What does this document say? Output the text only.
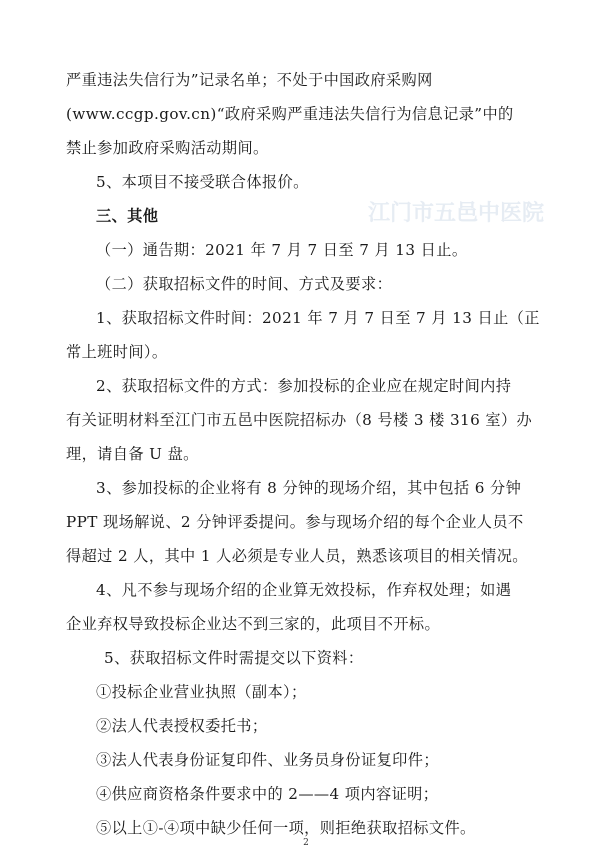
江门市五邑中医院
严重违法失信行为”记录名单；不处于中国政府采购网
(www.ccgp.gov.cn)“政府采购严重违法失信行为信息记录”中的
禁止参加政府采购活动期间。
5、本项目不接受联合体报价。
三、其他
（一）通告期：2021 年 7 月 7 日至 7 月 13 日止。
（二）获取招标文件的时间、方式及要求：
1、获取招标文件时间：2021 年 7 月 7 日至 7 月 13 日止（正
常上班时间）。
2、获取招标文件的方式：参加投标的企业应在规定时间内持
有关证明材料至江门市五邑中医院招标办（8 号楼 3 楼 316 室）办
理，请自备 U 盘。
3、参加投标的企业将有 8 分钟的现场介绍，其中包括 6 分钟
PPT 现场解说、2 分钟评委提问。参与现场介绍的每个企业人员不
得超过 2 人，其中 1 人必须是专业人员，熟悉该项目的相关情况。
4、凡不参与现场介绍的企业算无效投标，作弃权处理；如遇
企业弃权导致投标企业达不到三家的，此项目不开标。
5、获取招标文件时需提交以下资料：
①投标企业营业执照（副本）；
②法人代表授权委托书；
③法人代表身份证复印件、业务员身份证复印件；
④供应商资格条件要求中的 2——4 项内容证明；
⑤以上①-④项中缺少任何一项，则拒绝获取招标文件。
2
